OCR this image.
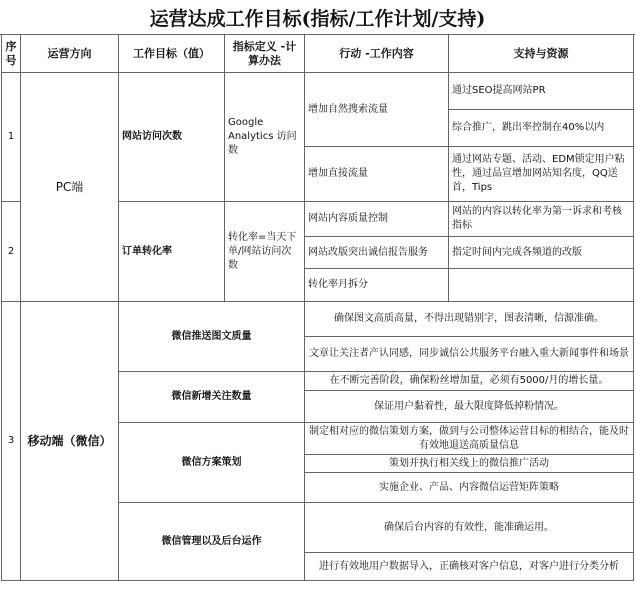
运营达成工作目标(指标/工作计划/支持)
序号	运营方向	工作目标（值）	指标定义 -计算办法	行动 -工作内容	支持与资源
1	PC端	网站访问次数	Google Analytics 访问数	增加自然搜索流量	通过SEO提高网站PR
					综合推广，跳出率控制在40%以内
				增加直接流量	通过网站专题、活动、EDM锁定用户粘性，通过品宣增加网站知名度，QQ送首，Tips
2		订单转化率	转化率=当天下单/网站访问次数	网站内容质量控制	网站的内容以转化率为第一诉求和考核指标
				网站改版突出诚信报告服务	指定时间内完成各频道的改版
				转化率月拆分	
3	移动端（微信）	微信推送图文质量		确保图文高质高量，不得出现错别字，图表清晰，信源准确。	
				文章让关注者产认同感，同步诚信公共服务平台融入重大新闻事件和场景	
		微信新增关注数量		在不断完善阶段，确保粉丝增加量，必须有5000/月的增长量。	
				保证用户黏着性，最大限度降低掉粉情况。	
		微信方案策划		制定相对应的微信策划方案，做到与公司整体运营目标的相结合，能及时有效地退送高质量信息	
				策划并执行相关线上的微信推广活动	
				实施企业、产品、内容微信运营矩阵策略	
		微信管理以及后台运作		确保后台内容的有效性，能准确运用。	
				进行有效地用户数据导入，正确核对客户信息，对客户进行分类分析	
